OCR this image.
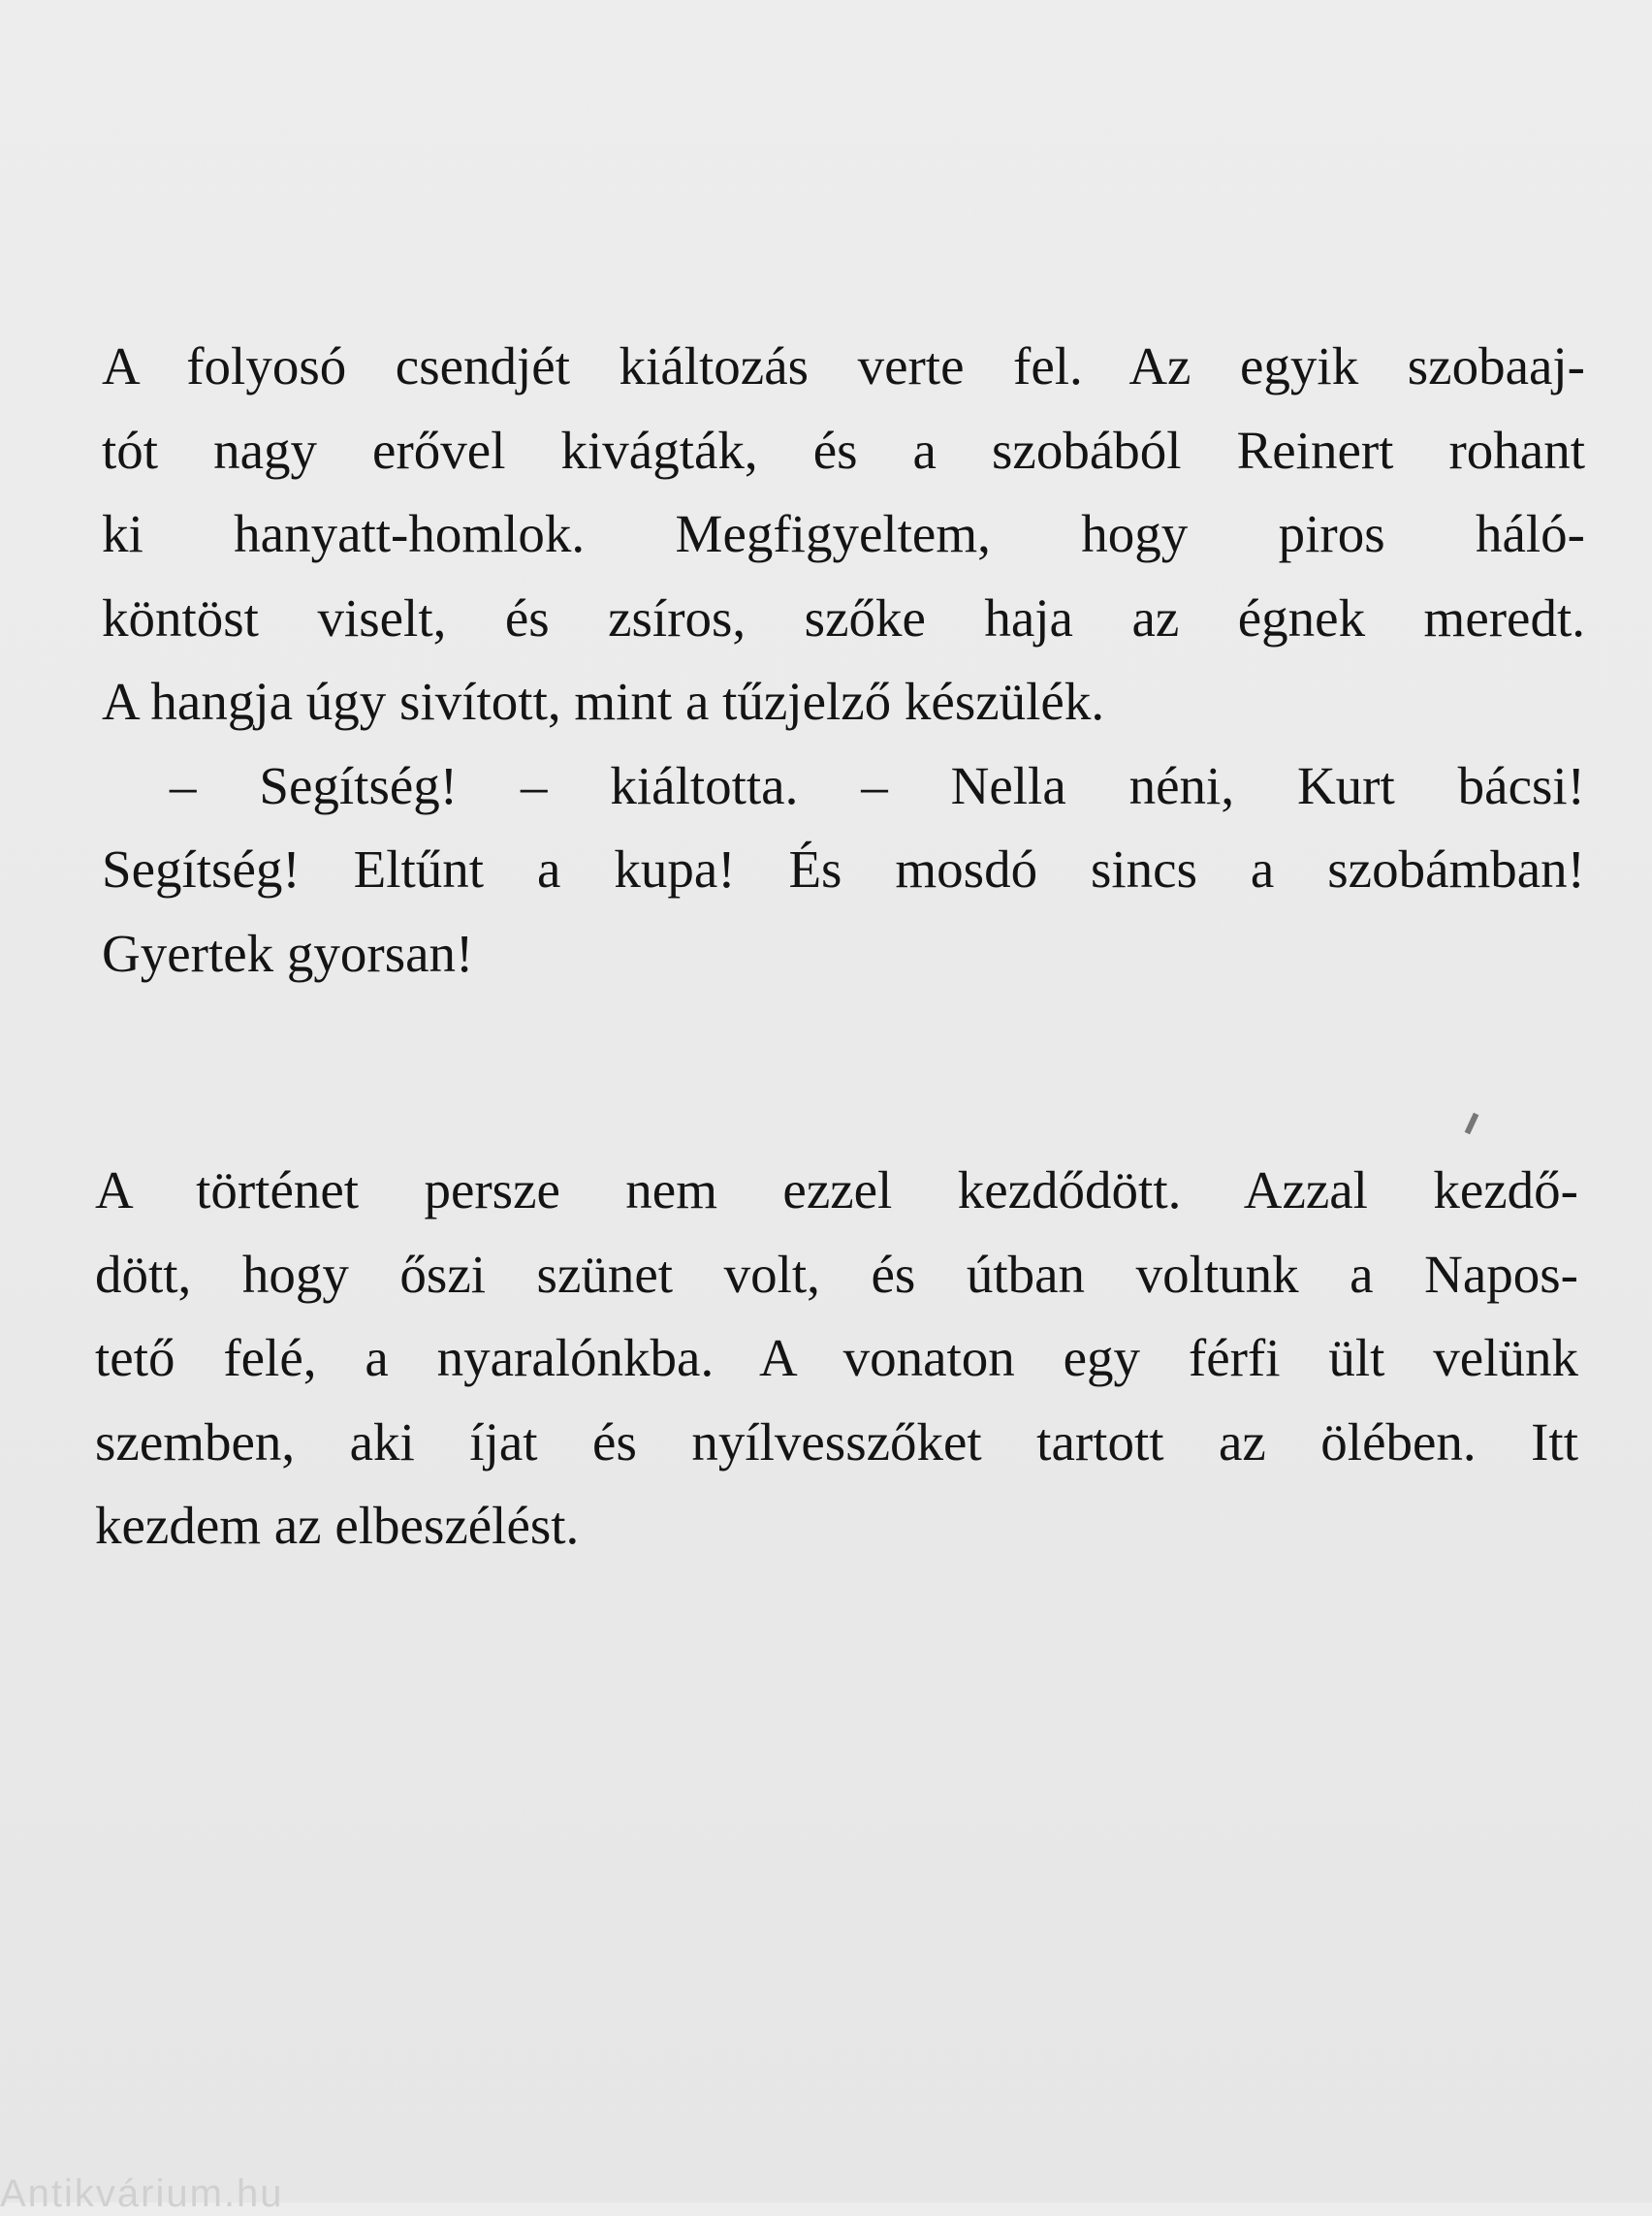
A folyosó csendjét kiáltozás verte fel. Az egyik szobaaj-
tót nagy erővel kivágták, és a szobából Reinert rohant
ki hanyatt-homlok. Megfigyeltem, hogy piros háló-
köntöst viselt, és zsíros, szőke haja az égnek meredt.
A hangja úgy sivított, mint a tűzjelző készülék.
– Segítség! – kiáltotta. – Nella néni, Kurt bácsi!
Segítség! Eltűnt a kupa! És mosdó sincs a szobámban!
Gyertek gyorsan!
A történet persze nem ezzel kezdődött. Azzal kezdő-
dött, hogy őszi szünet volt, és útban voltunk a Napos-
tető felé, a nyaralónkba. A vonaton egy férfi ült velünk
szemben, aki íjat és nyílvesszőket tartott az ölében. Itt
kezdem az elbeszélést.
Antikvárium.hu
